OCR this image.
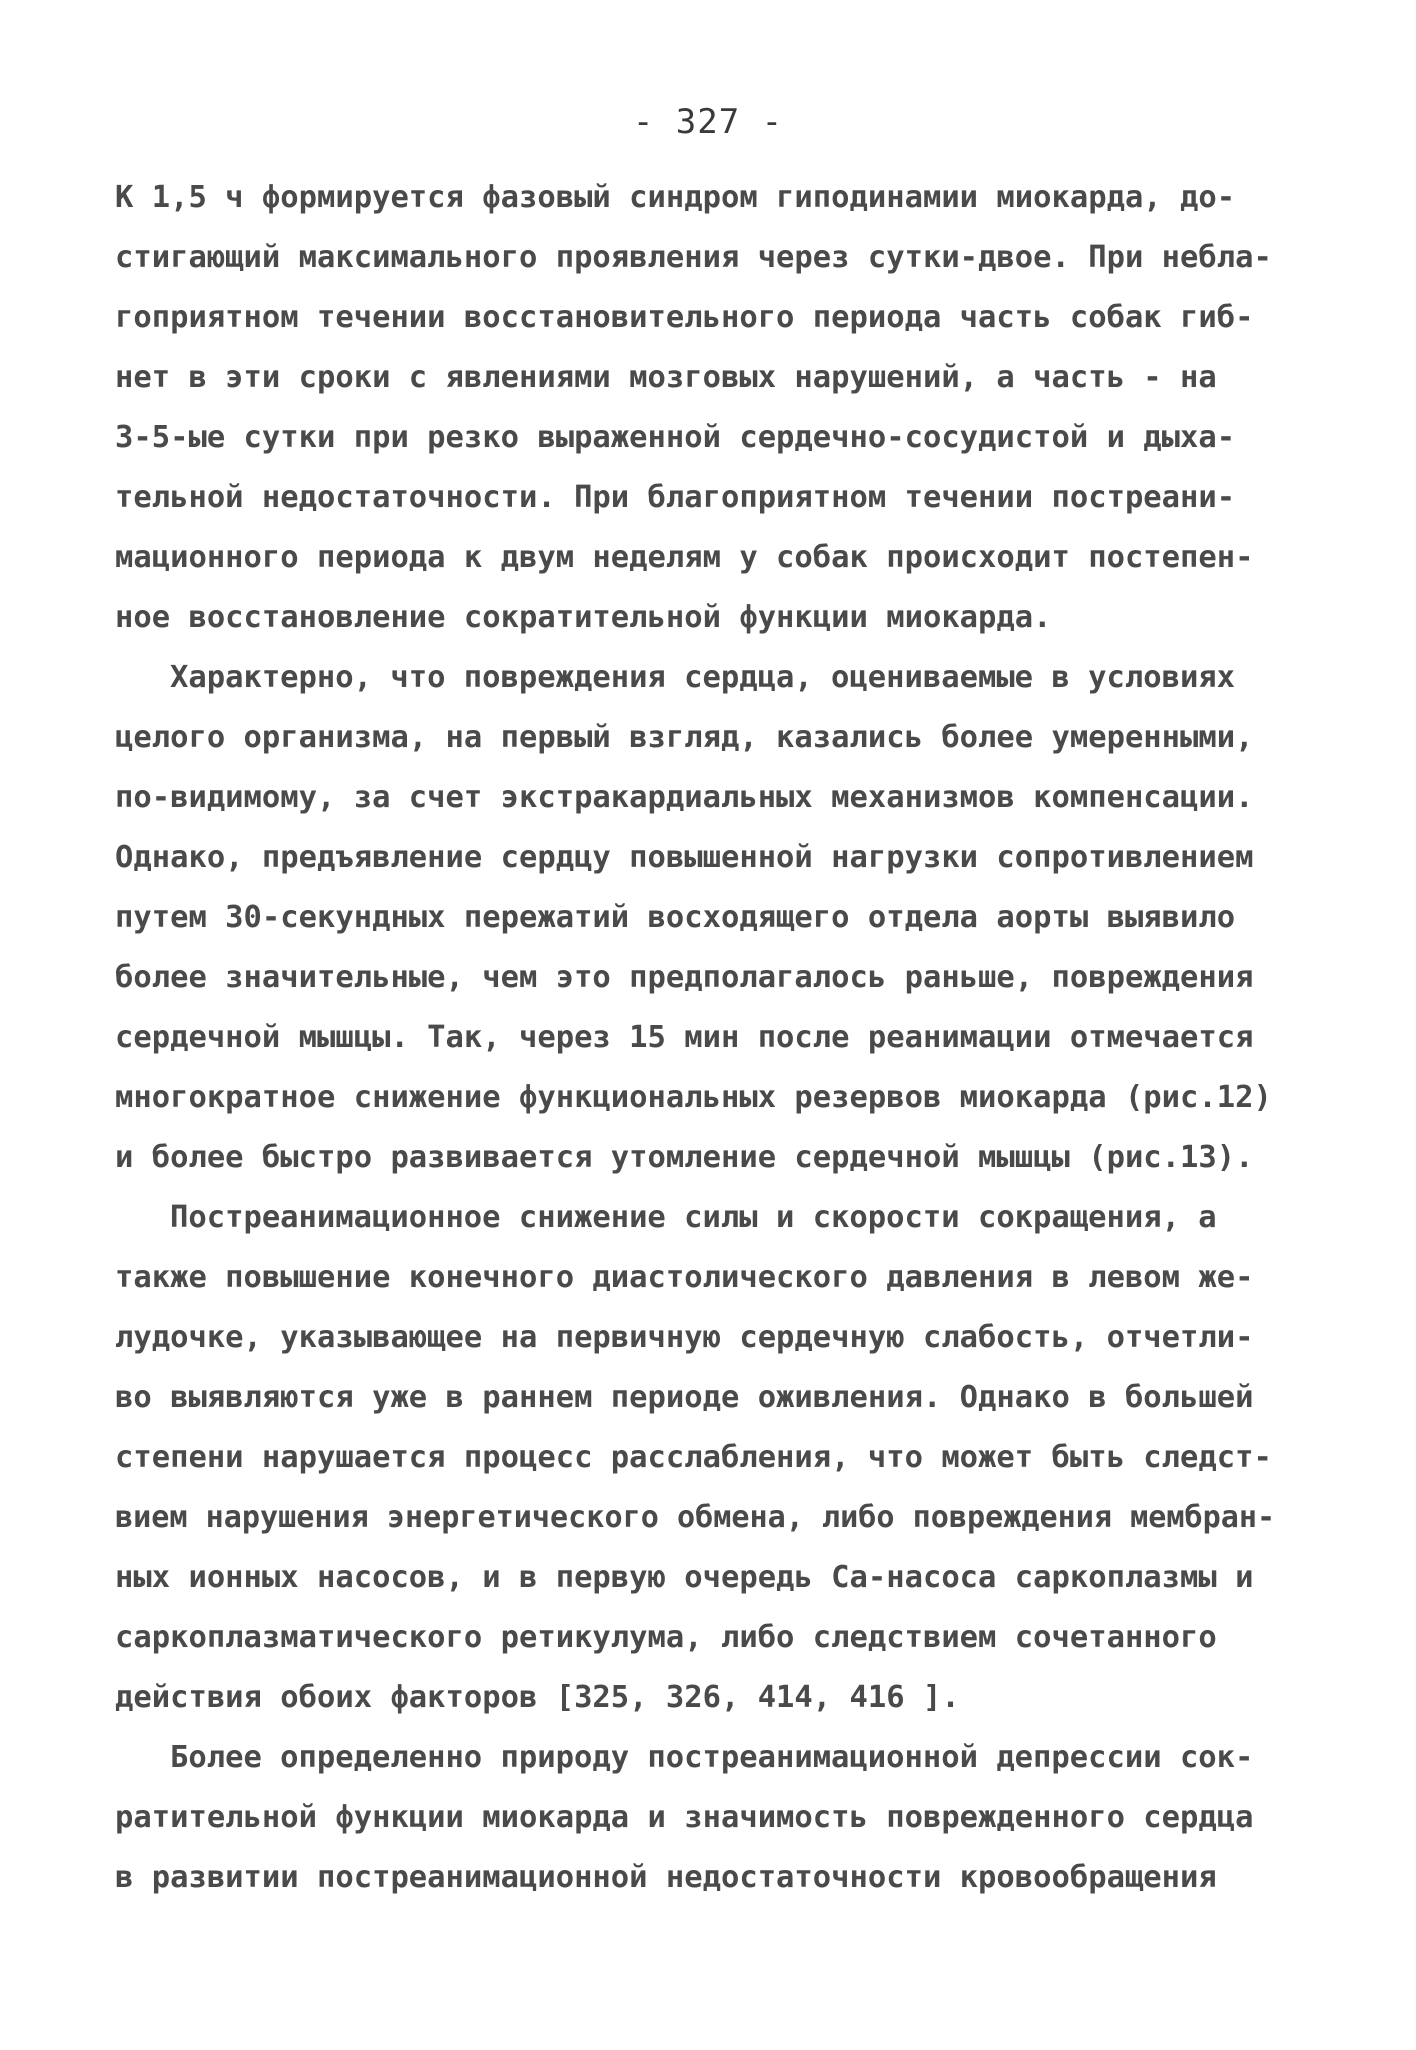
- 327 -
К 1,5 ч формируется фазовый синдром гиподинамии миокарда, до-
стигающий максимального проявления через сутки-двое. При небла-
гоприятном течении восстановительного периода часть собак гиб-
нет в эти сроки с явлениями мозговых нарушений, а часть - на
3-5-ые сутки при резко выраженной сердечно-сосудистой и дыха-
тельной недостаточности. При благоприятном течении постреани-
мационного периода к двум неделям у собак происходит постепен-
ное восстановление сократительной функции миокарда.
Характерно, что повреждения сердца, оцениваемые в условиях
целого организма, на первый взгляд, казались более умеренными,
по-видимому, за счет экстракардиальных механизмов компенсации.
Однако, предъявление сердцу повышенной нагрузки сопротивлением
путем 30-секундных пережатий восходящего отдела аорты выявило
более значительные, чем это предполагалось раньше, повреждения
сердечной мышцы. Так, через 15 мин после реанимации отмечается
многократное снижение функциональных резервов миокарда (рис.12)
и более быстро развивается утомление сердечной мышцы (рис.13).
Постреанимационное снижение силы и скорости сокращения, а
также повышение конечного диастолического давления в левом же-
лудочке, указывающее на первичную сердечную слабость, отчетли-
во выявляются уже в раннем периоде оживления. Однако в большей
степени нарушается процесс расслабления, что может быть следст-
вием нарушения энергетического обмена, либо повреждения мембран-
ных ионных насосов, и в первую очередь Са-насоса саркоплазмы и
саркоплазматического ретикулума, либо следствием сочетанного
действия обоих факторов [325, 326, 414, 416 ].
Более определенно природу постреанимационной депрессии сок-
ратительной функции миокарда и значимость поврежденного сердца
в развитии постреанимационной недостаточности кровообращения
